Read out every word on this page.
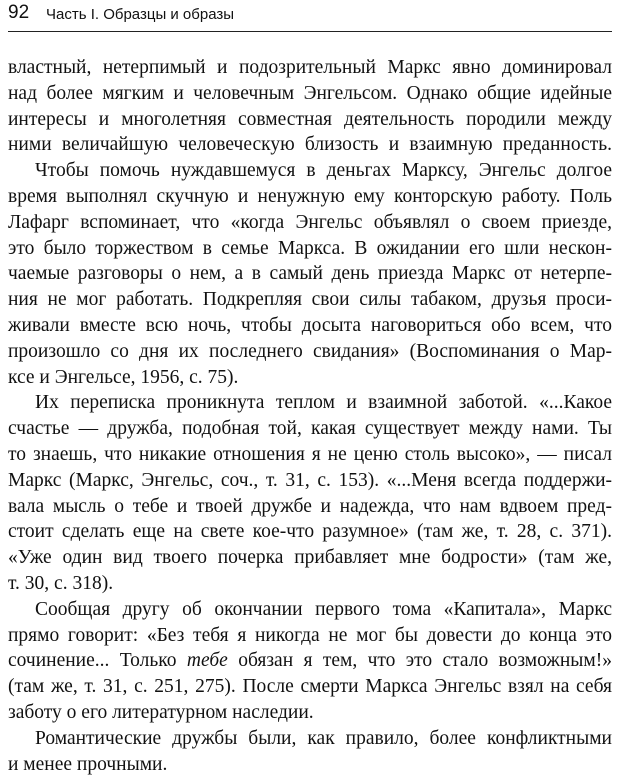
92 Часть I. Образцы и образы
властный, нетерпимый и подозрительный Маркс явно доминировал
над более мягким и человечным Энгельсом. Однако общие идейные
интересы и многолетняя совместная деятельность породили между
ними величайшую человеческую близость и взаимную преданность.
Чтобы помочь нуждавшемуся в деньгах Марксу, Энгельс долгое
время выполнял скучную и ненужную ему конторскую работу. Поль
Лафарг вспоминает, что «когда Энгельс объявлял о своем приезде,
это было торжеством в семье Маркса. В ожидании его шли нескон-
чаемые разговоры о нем, а в самый день приезда Маркс от нетерпе-
ния не мог работать. Подкрепляя свои силы табаком, друзья проси-
живали вместе всю ночь, чтобы досыта наговориться обо всем, что
произошло со дня их последнего свидания» (Воспоминания о Мар-
ксе и Энгельсе, 1956, с. 75).
Их переписка проникнута теплом и взаимной заботой. «...Какое
счастье — дружба, подобная той, какая существует между нами. Ты
то знаешь, что никакие отношения я не ценю столь высоко», — писал
Маркс (Маркс, Энгельс, соч., т. 31, с. 153). «...Меня всегда поддержи-
вала мысль о тебе и твоей дружбе и надежда, что нам вдвоем пред-
стоит сделать еще на свете кое-что разумное» (там же, т. 28, с. 371).
«Уже один вид твоего почерка прибавляет мне бодрости» (там же,
т. 30, с. 318).
Сообщая другу об окончании первого тома «Капитала», Маркс
прямо говорит: «Без тебя я никогда не мог бы довести до конца это
сочинение... Только тебе обязан я тем, что это стало возможным!»
(там же, т. 31, с. 251, 275). После смерти Маркса Энгельс взял на себя
заботу о его литературном наследии.
Романтические дружбы были, как правило, более конфликтными
и менее прочными.
